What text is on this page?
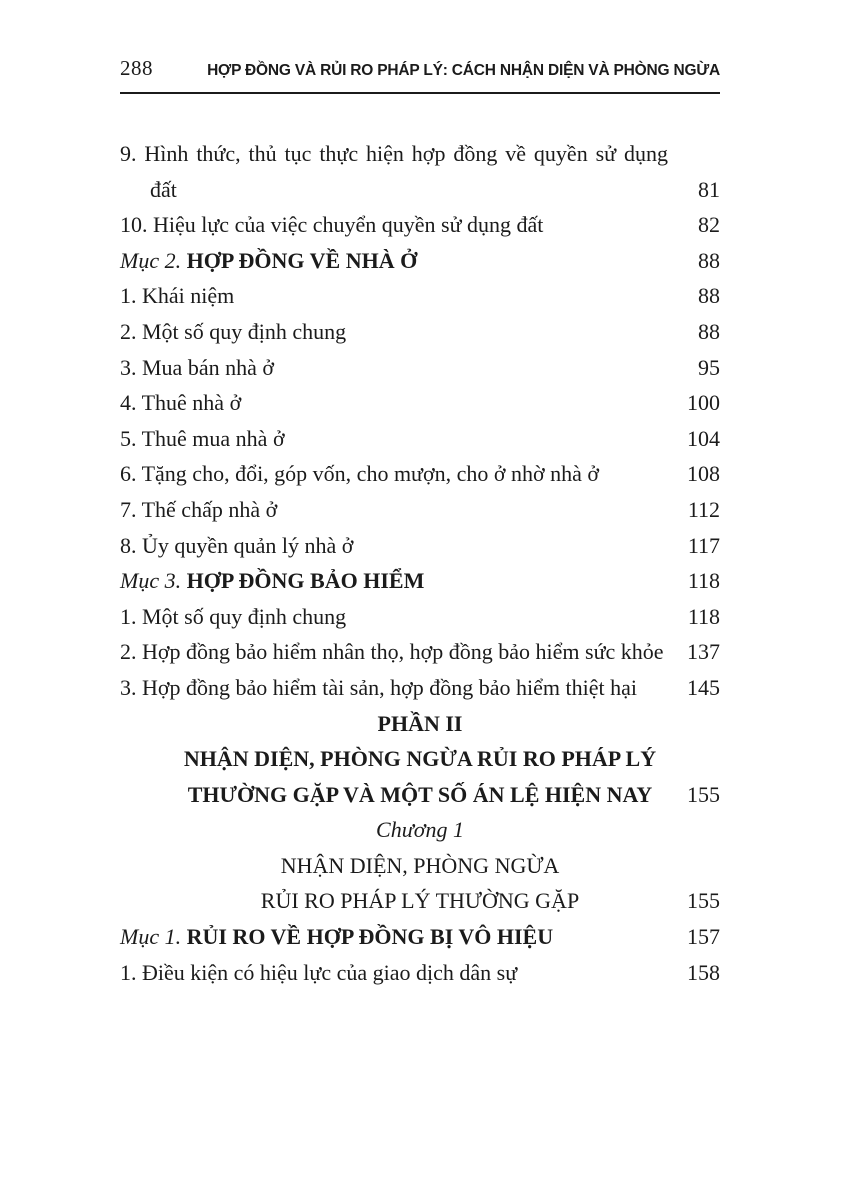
288	HỢP ĐỒNG VÀ RỦI RO PHÁP LÝ: CÁCH NHẬN DIỆN VÀ PHÒNG NGỪA
9. Hình thức, thủ tục thực hiện hợp đồng về quyền sử dụng đất	81
10. Hiệu lực của việc chuyển quyền sử dụng đất	82
Mục 2. HỢP ĐỒNG VỀ NHÀ Ở	88
1. Khái niệm	88
2. Một số quy định chung	88
3. Mua bán nhà ở	95
4. Thuê nhà ở	100
5. Thuê mua nhà ở	104
6. Tặng cho, đổi, góp vốn, cho mượn, cho ở nhờ nhà ở	108
7. Thế chấp nhà ở	112
8. Ủy quyền quản lý nhà ở	117
Mục 3. HỢP ĐỒNG BẢO HIỂM	118
1. Một số quy định chung	118
2. Hợp đồng bảo hiểm nhân thọ, hợp đồng bảo hiểm sức khỏe	137
3. Hợp đồng bảo hiểm tài sản, hợp đồng bảo hiểm thiệt hại	145
PHẦN II
NHẬN DIỆN, PHÒNG NGỪA RỦI RO PHÁP LÝ
THƯỜNG GẶP VÀ MỘT SỐ ÁN LỆ HIỆN NAY	155
Chương 1
NHẬN DIỆN, PHÒNG NGỪA
RỦI RO PHÁP LÝ THƯỜNG GẶP	155
Mục 1. RỦI RO VỀ HỢP ĐỒNG BỊ VÔ HIỆU	157
1. Điều kiện có hiệu lực của giao dịch dân sự	158
